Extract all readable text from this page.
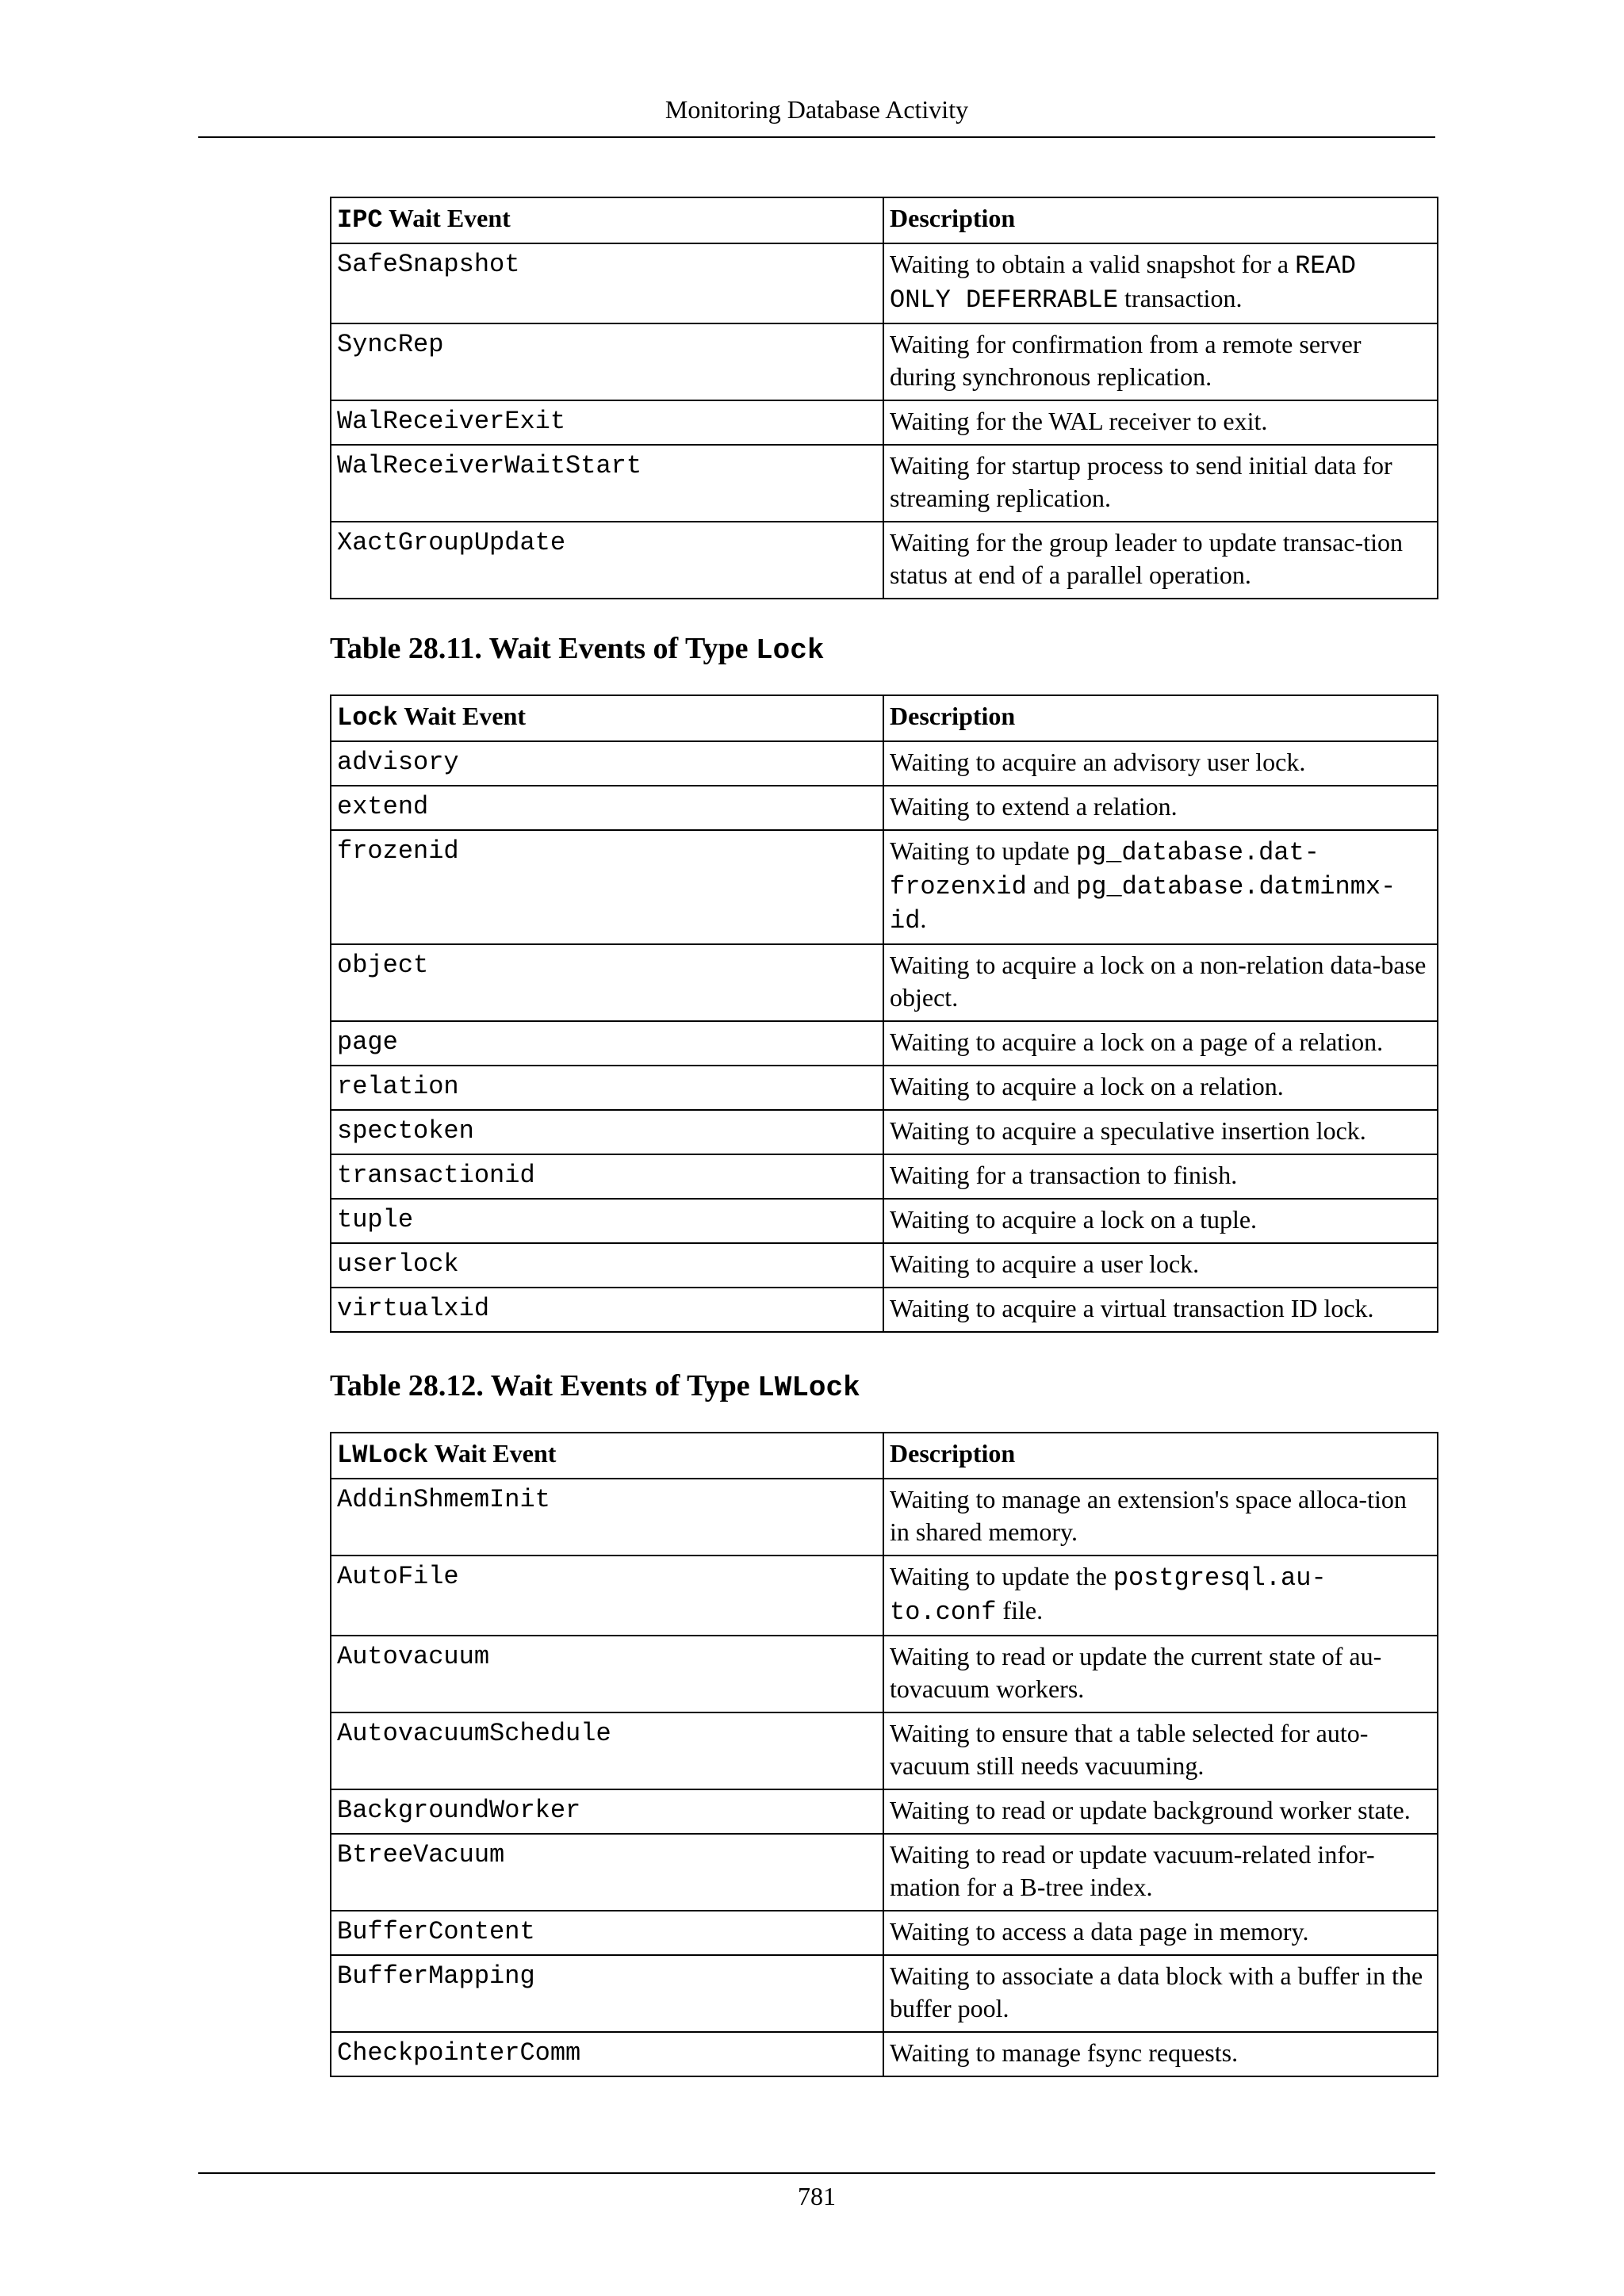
Monitoring Database Activity
IPC Wait Event	Description
SafeSnapshot	Waiting to obtain a valid snapshot for a READ ONLY DEFERRABLE transaction.
SyncRep	Waiting for confirmation from a remote server during synchronous replication.
WalReceiverExit	Waiting for the WAL receiver to exit.
WalReceiverWaitStart	Waiting for startup process to send initial data for streaming replication.
XactGroupUpdate	Waiting for the group leader to update transac-tion status at end of a parallel operation.
Table 28.11. Wait Events of Type Lock
Lock Wait Event	Description
advisory	Waiting to acquire an advisory user lock.
extend	Waiting to extend a relation.
frozenid	Waiting to update pg_database.dat-frozenxid and pg_database.datminmx-id.
object	Waiting to acquire a lock on a non-relation data-base object.
page	Waiting to acquire a lock on a page of a relation.
relation	Waiting to acquire a lock on a relation.
spectoken	Waiting to acquire a speculative insertion lock.
transactionid	Waiting for a transaction to finish.
tuple	Waiting to acquire a lock on a tuple.
userlock	Waiting to acquire a user lock.
virtualxid	Waiting to acquire a virtual transaction ID lock.
Table 28.12. Wait Events of Type LWLock
LWLock Wait Event	Description
AddinShmemInit	Waiting to manage an extension's space alloca-tion in shared memory.
AutoFile	Waiting to update the postgresql.au-to.conf file.
Autovacuum	Waiting to read or update the current state of au-tovacuum workers.
AutovacuumSchedule	Waiting to ensure that a table selected for auto-vacuum still needs vacuuming.
BackgroundWorker	Waiting to read or update background worker state.
BtreeVacuum	Waiting to read or update vacuum-related infor-mation for a B-tree index.
BufferContent	Waiting to access a data page in memory.
BufferMapping	Waiting to associate a data block with a buffer in the buffer pool.
CheckpointerComm	Waiting to manage fsync requests.
781
